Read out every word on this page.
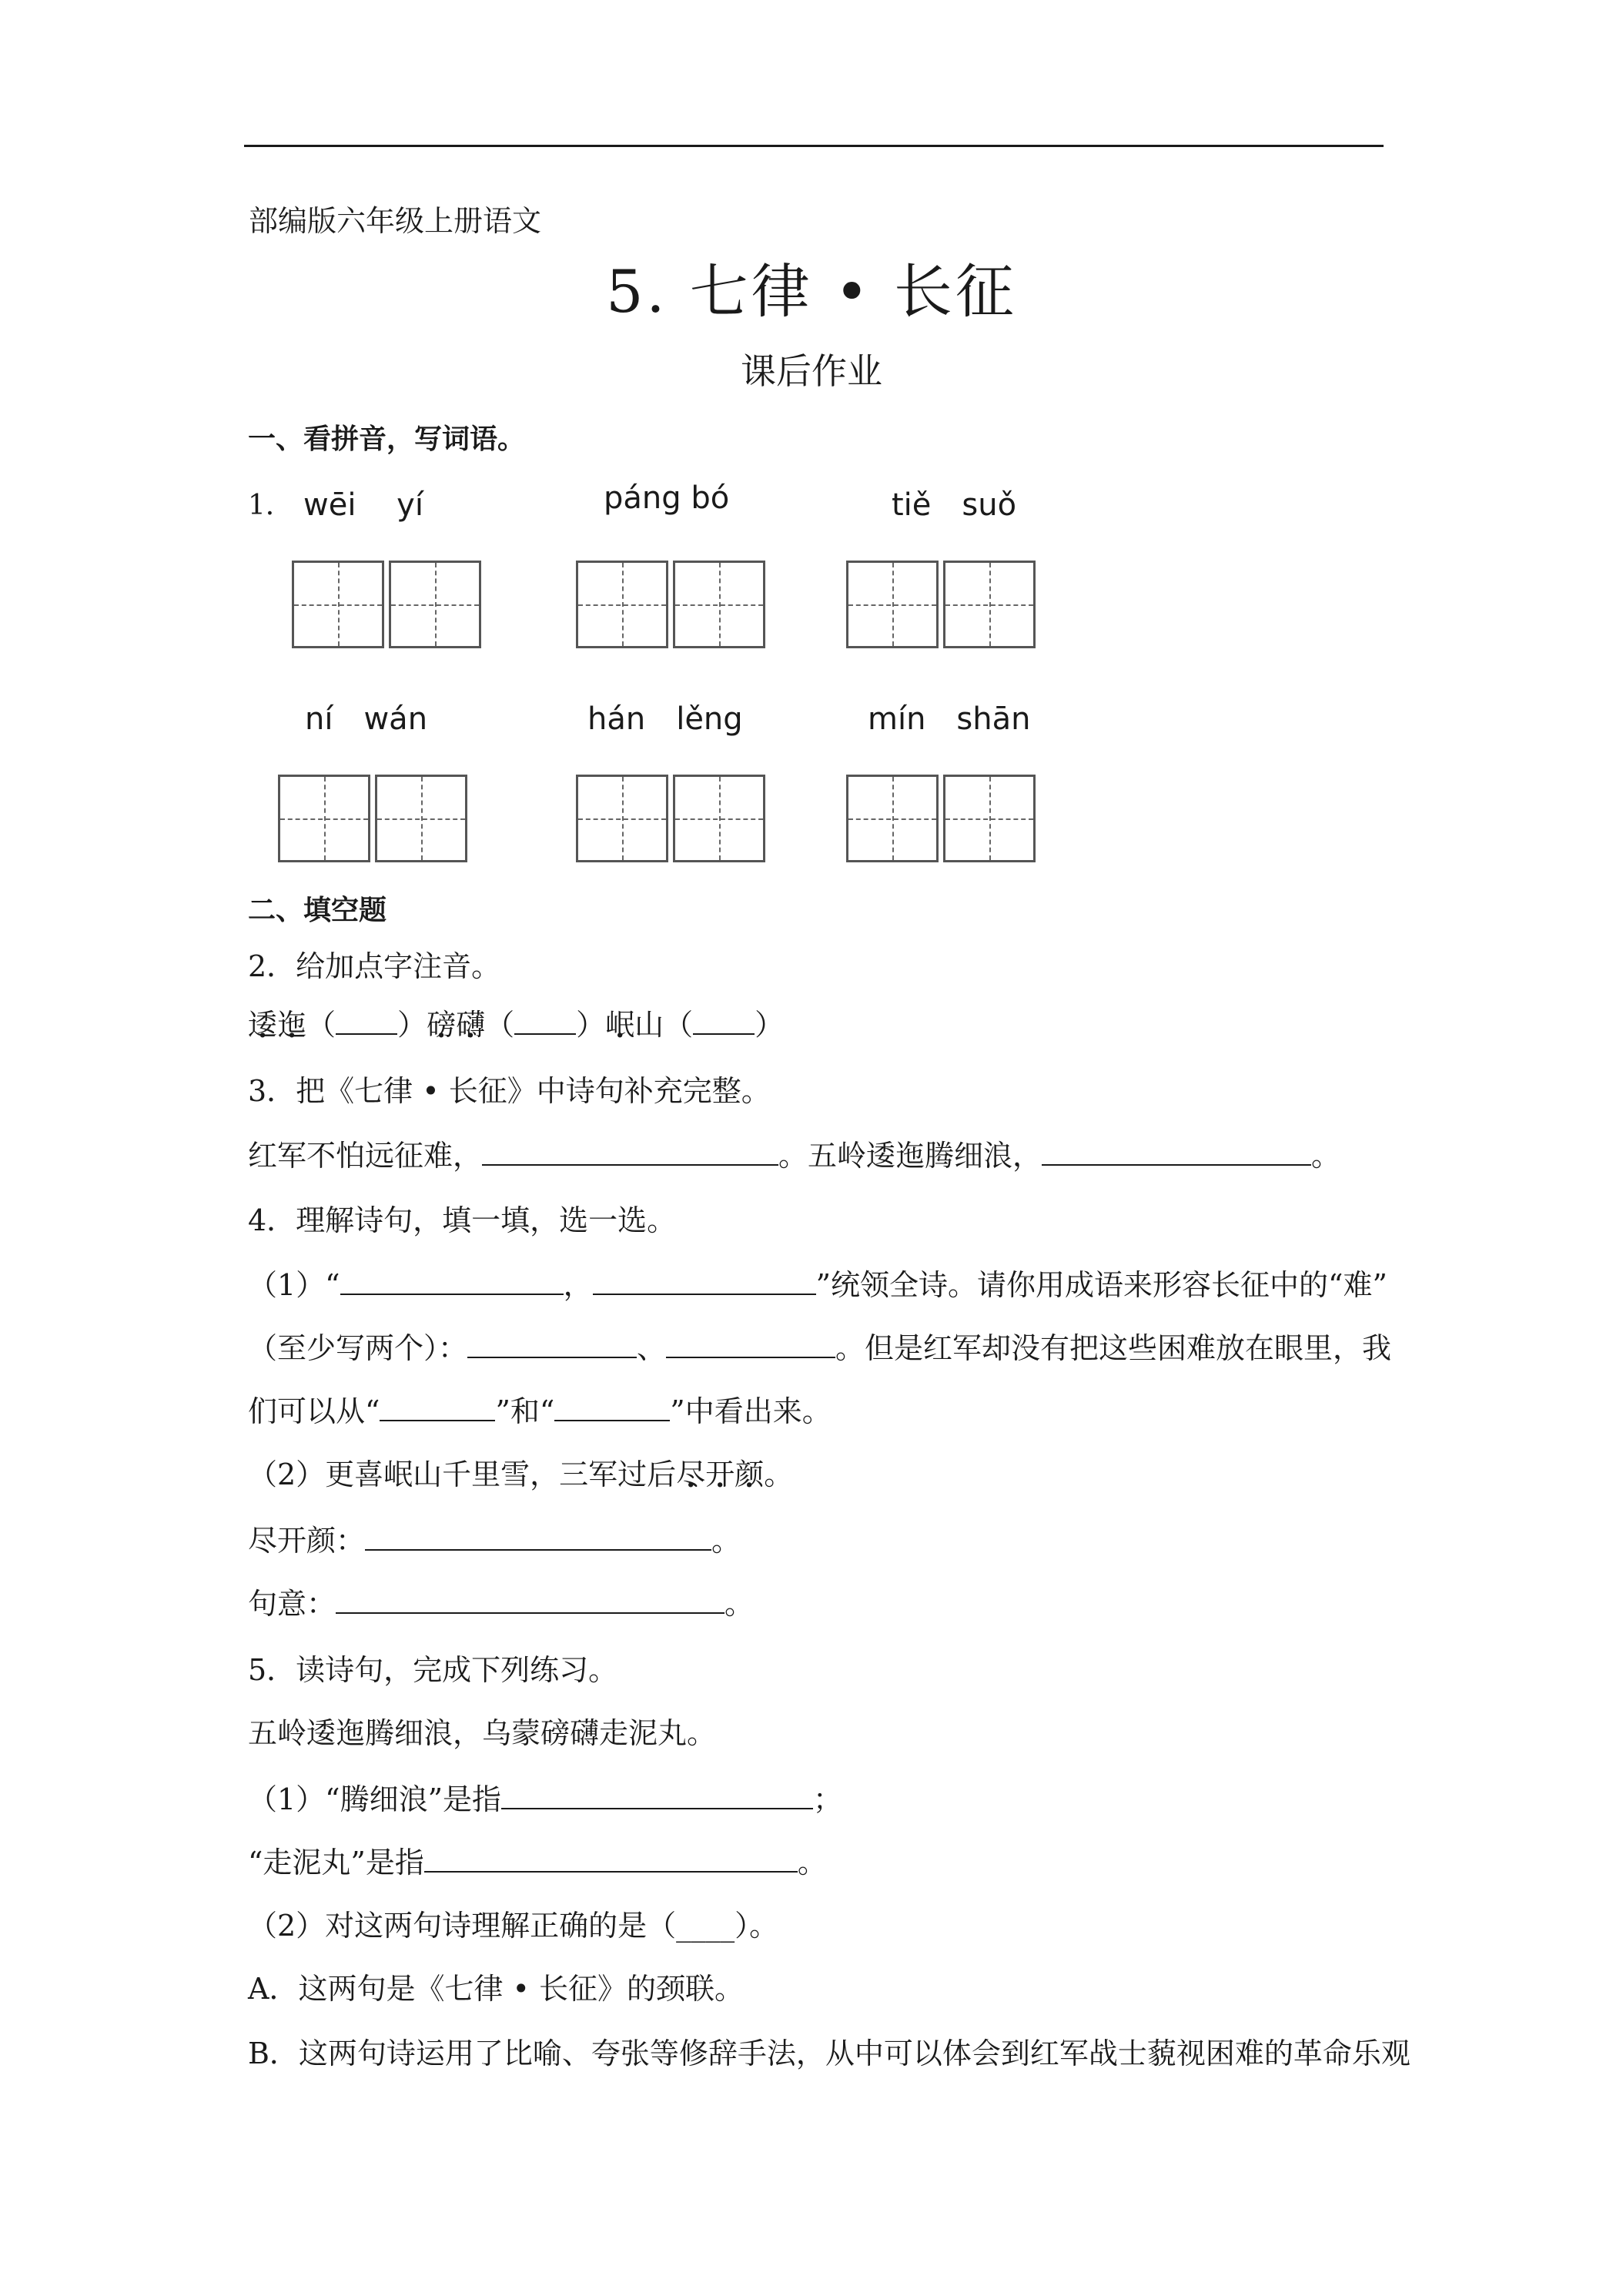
部编版六年级上册语文
5. 七律 • 长征
课后作业
一、看拼音，写词语。
1． wēi　 yí	páng bó	tiě　suǒ
ní　wán	hán　lěng	mín　shān
二、填空题
2．给加点字注音。
逶迤（ ）磅礴（ ）岷山（ ）
3．把《七律 • 长征》中诗句补充完整。
红军不怕远征难，	。五岭逶迤腾细浪，	。
4．理解诗句，填一填，选一选。
（1）“	，	”统领全诗。请你用成语来形容长征中的“难”
（至少写两个）：	、	。但是红军却没有把这些困难放在眼里，我
们可以从“	”和“	”中看出来。
（2）更喜岷山千里雪，三军过后尽开颜。
尽开颜：	。
句意：	。
5．读诗句，完成下列练习。
五岭逶迤腾细浪，乌蒙磅礴走泥丸。
（1）“腾细浪”是指	；
“走泥丸”是指	。
（2）对这两句诗理解正确的是（____）。
A．这两句是《七律 • 长征》的颈联。
B．这两句诗运用了比喻、夸张等修辞手法，从中可以体会到红军战士藐视困难的革命乐观
